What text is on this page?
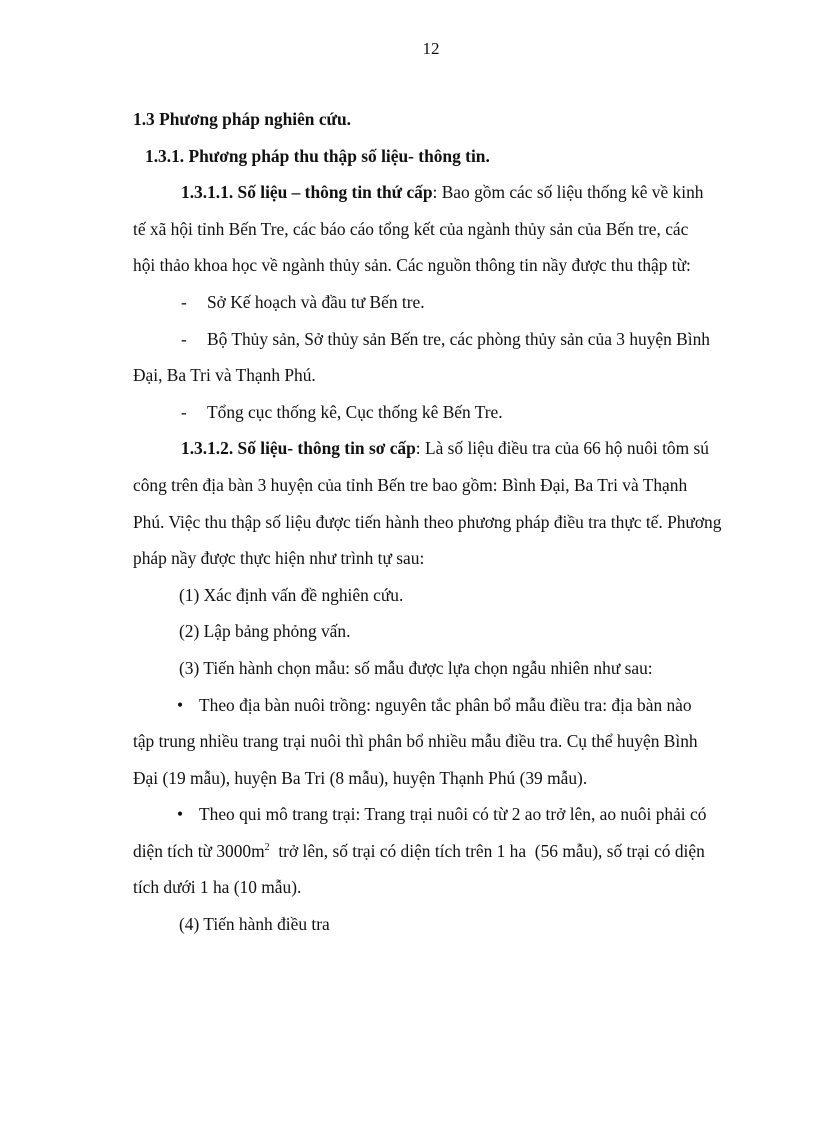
12
1.3 Phương pháp nghiên cứu.
1.3.1. Phương pháp thu thập số liệu- thông tin.
1.3.1.1. Số liệu – thông tin thứ cấp: Bao gồm các số liệu thống kê về kinh
tế xã hội tỉnh Bến Tre, các báo cáo tổng kết của ngành thủy sản của Bến tre, các
hội thảo khoa học về ngành thủy sản. Các nguồn thông tin nầy được thu thập từ:
- Sở Kế hoạch và đầu tư Bến tre.
- Bộ Thủy sản, Sở thủy sản Bến tre, các phòng thủy sản của 3 huyện Bình
Đại, Ba Tri và Thạnh Phú.
- Tổng cục thống kê, Cục thống kê Bến Tre.
1.3.1.2. Số liệu- thông tin sơ cấp: Là số liệu điều tra của 66 hộ nuôi tôm sú
công trên địa bàn 3 huyện của tỉnh Bến tre bao gồm: Bình Đại, Ba Tri và Thạnh
Phú. Việc thu thập số liệu được tiến hành theo phương pháp điều tra thực tế. Phương
pháp nầy được thực hiện như trình tự sau:
(1) Xác định vấn đề nghiên cứu.
(2) Lập bảng phỏng vấn.
(3) Tiến hành chọn mẫu: số mẫu được lựa chọn ngẫu nhiên như sau:
• Theo địa bàn nuôi trồng: nguyên tắc phân bổ mẫu điều tra: địa bàn nào
tập trung nhiều trang trại nuôi thì phân bổ nhiều mẫu điều tra. Cụ thể huyện Bình
Đại (19 mẫu), huyện Ba Tri (8 mẫu), huyện Thạnh Phú (39 mẫu).
• Theo qui mô trang trại: Trang trại nuôi có từ 2 ao trở lên, ao nuôi phải có
diện tích từ $3000m^2$  trở lên, số trại có diện tích trên 1 ha  (56 mẫu), số trại có diện
tích dưới 1 ha (10 mẫu).
(4) Tiến hành điều tra
